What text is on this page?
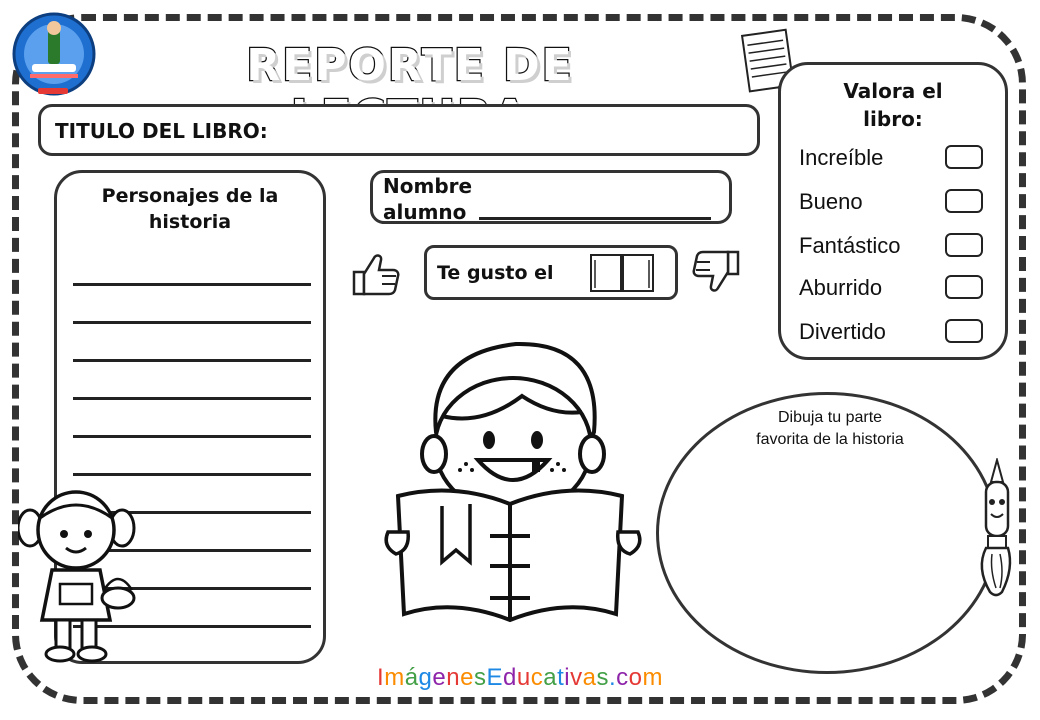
REPORTE DE
TITULO DEL LIBRO:
Personajes de la historia
Nombre
alumno
Te gusto el
Valora el libro:
Increíble
Bueno
Fantástico
Aburrido
Divertido
Dibuja tu parte
favorita de la historia
ImágenesEducativas.com
